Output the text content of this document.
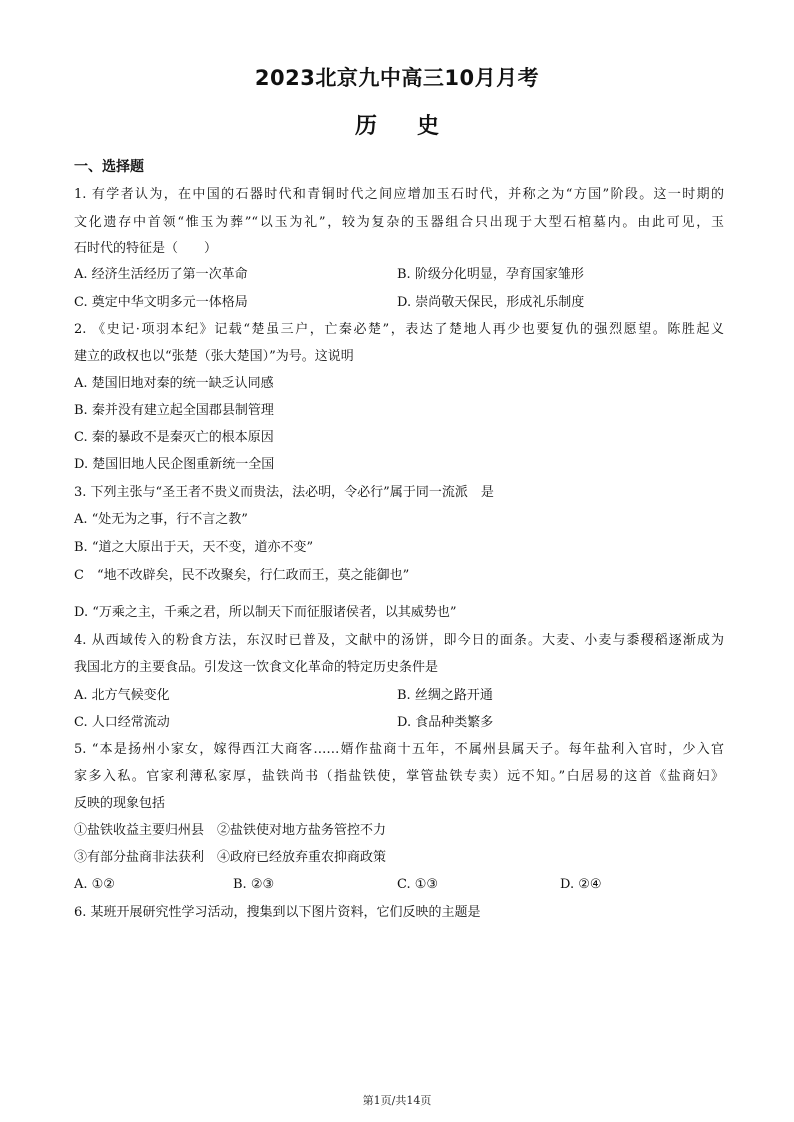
2023北京九中高三10月月考
历史
一、选择题
1. 有学者认为，在中国的石器时代和青铜时代之间应增加玉石时代，并称之为“方国”阶段。这一时期的
文化遗存中首领“惟玉为葬”“以玉为礼”，较为复杂的玉器组合只出现于大型石棺墓内。由此可见，玉
石时代的特征是（　　）
A. 经济生活经历了第一次革命	B. 阶级分化明显，孕育国家雏形
C. 奠定中华文明多元一体格局	D. 崇尚敬天保民，形成礼乐制度
2. 《史记·项羽本纪》记载“楚虽三户，亡秦必楚”，表达了楚地人再少也要复仇的强烈愿望。陈胜起义
建立的政权也以“张楚（张大楚国）”为号。这说明
A. 楚国旧地对秦的统一缺乏认同感
B. 秦并没有建立起全国郡县制管理
C. 秦的暴政不是秦灭亡的根本原因
D. 楚国旧地人民企图重新统一全国
3. 下列主张与“圣王者不贵义而贵法，法必明，令必行”属于同一流派　是
A. “处无为之事，行不言之教”
B. “道之大原出于天，天不变，道亦不变”
C　“地不改辟矣，民不改聚矣，行仁政而王，莫之能御也”
D. “万乘之主，千乘之君，所以制天下而征服诸侯者，以其威势也”
4. 从西域传入的粉食方法，东汉时已普及，文献中的汤饼，即今日的面条。大麦、小麦与黍稷稻逐渐成为
我国北方的主要食品。引发这一饮食文化革命的特定历史条件是
A. 北方气候变化	B. 丝绸之路开通
C. 人口经常流动	D. 食品种类繁多
5. “本是扬州小家女，嫁得西江大商客……婿作盐商十五年，不属州县属天子。每年盐利入官时，少入官
家多入私。官家利薄私家厚，盐铁尚书（指盐铁使，掌管盐铁专卖）远不知。”白居易的这首《盐商妇》
反映的现象包括
①盐铁收益主要归州县　②盐铁使对地方盐务管控不力
③有部分盐商非法获利　④政府已经放弃重农抑商政策
A. ①②	B. ②③	C. ①③	D. ②④
6. 某班开展研究性学习活动，搜集到以下图片资料，它们反映的主题是
第1页/共14页
